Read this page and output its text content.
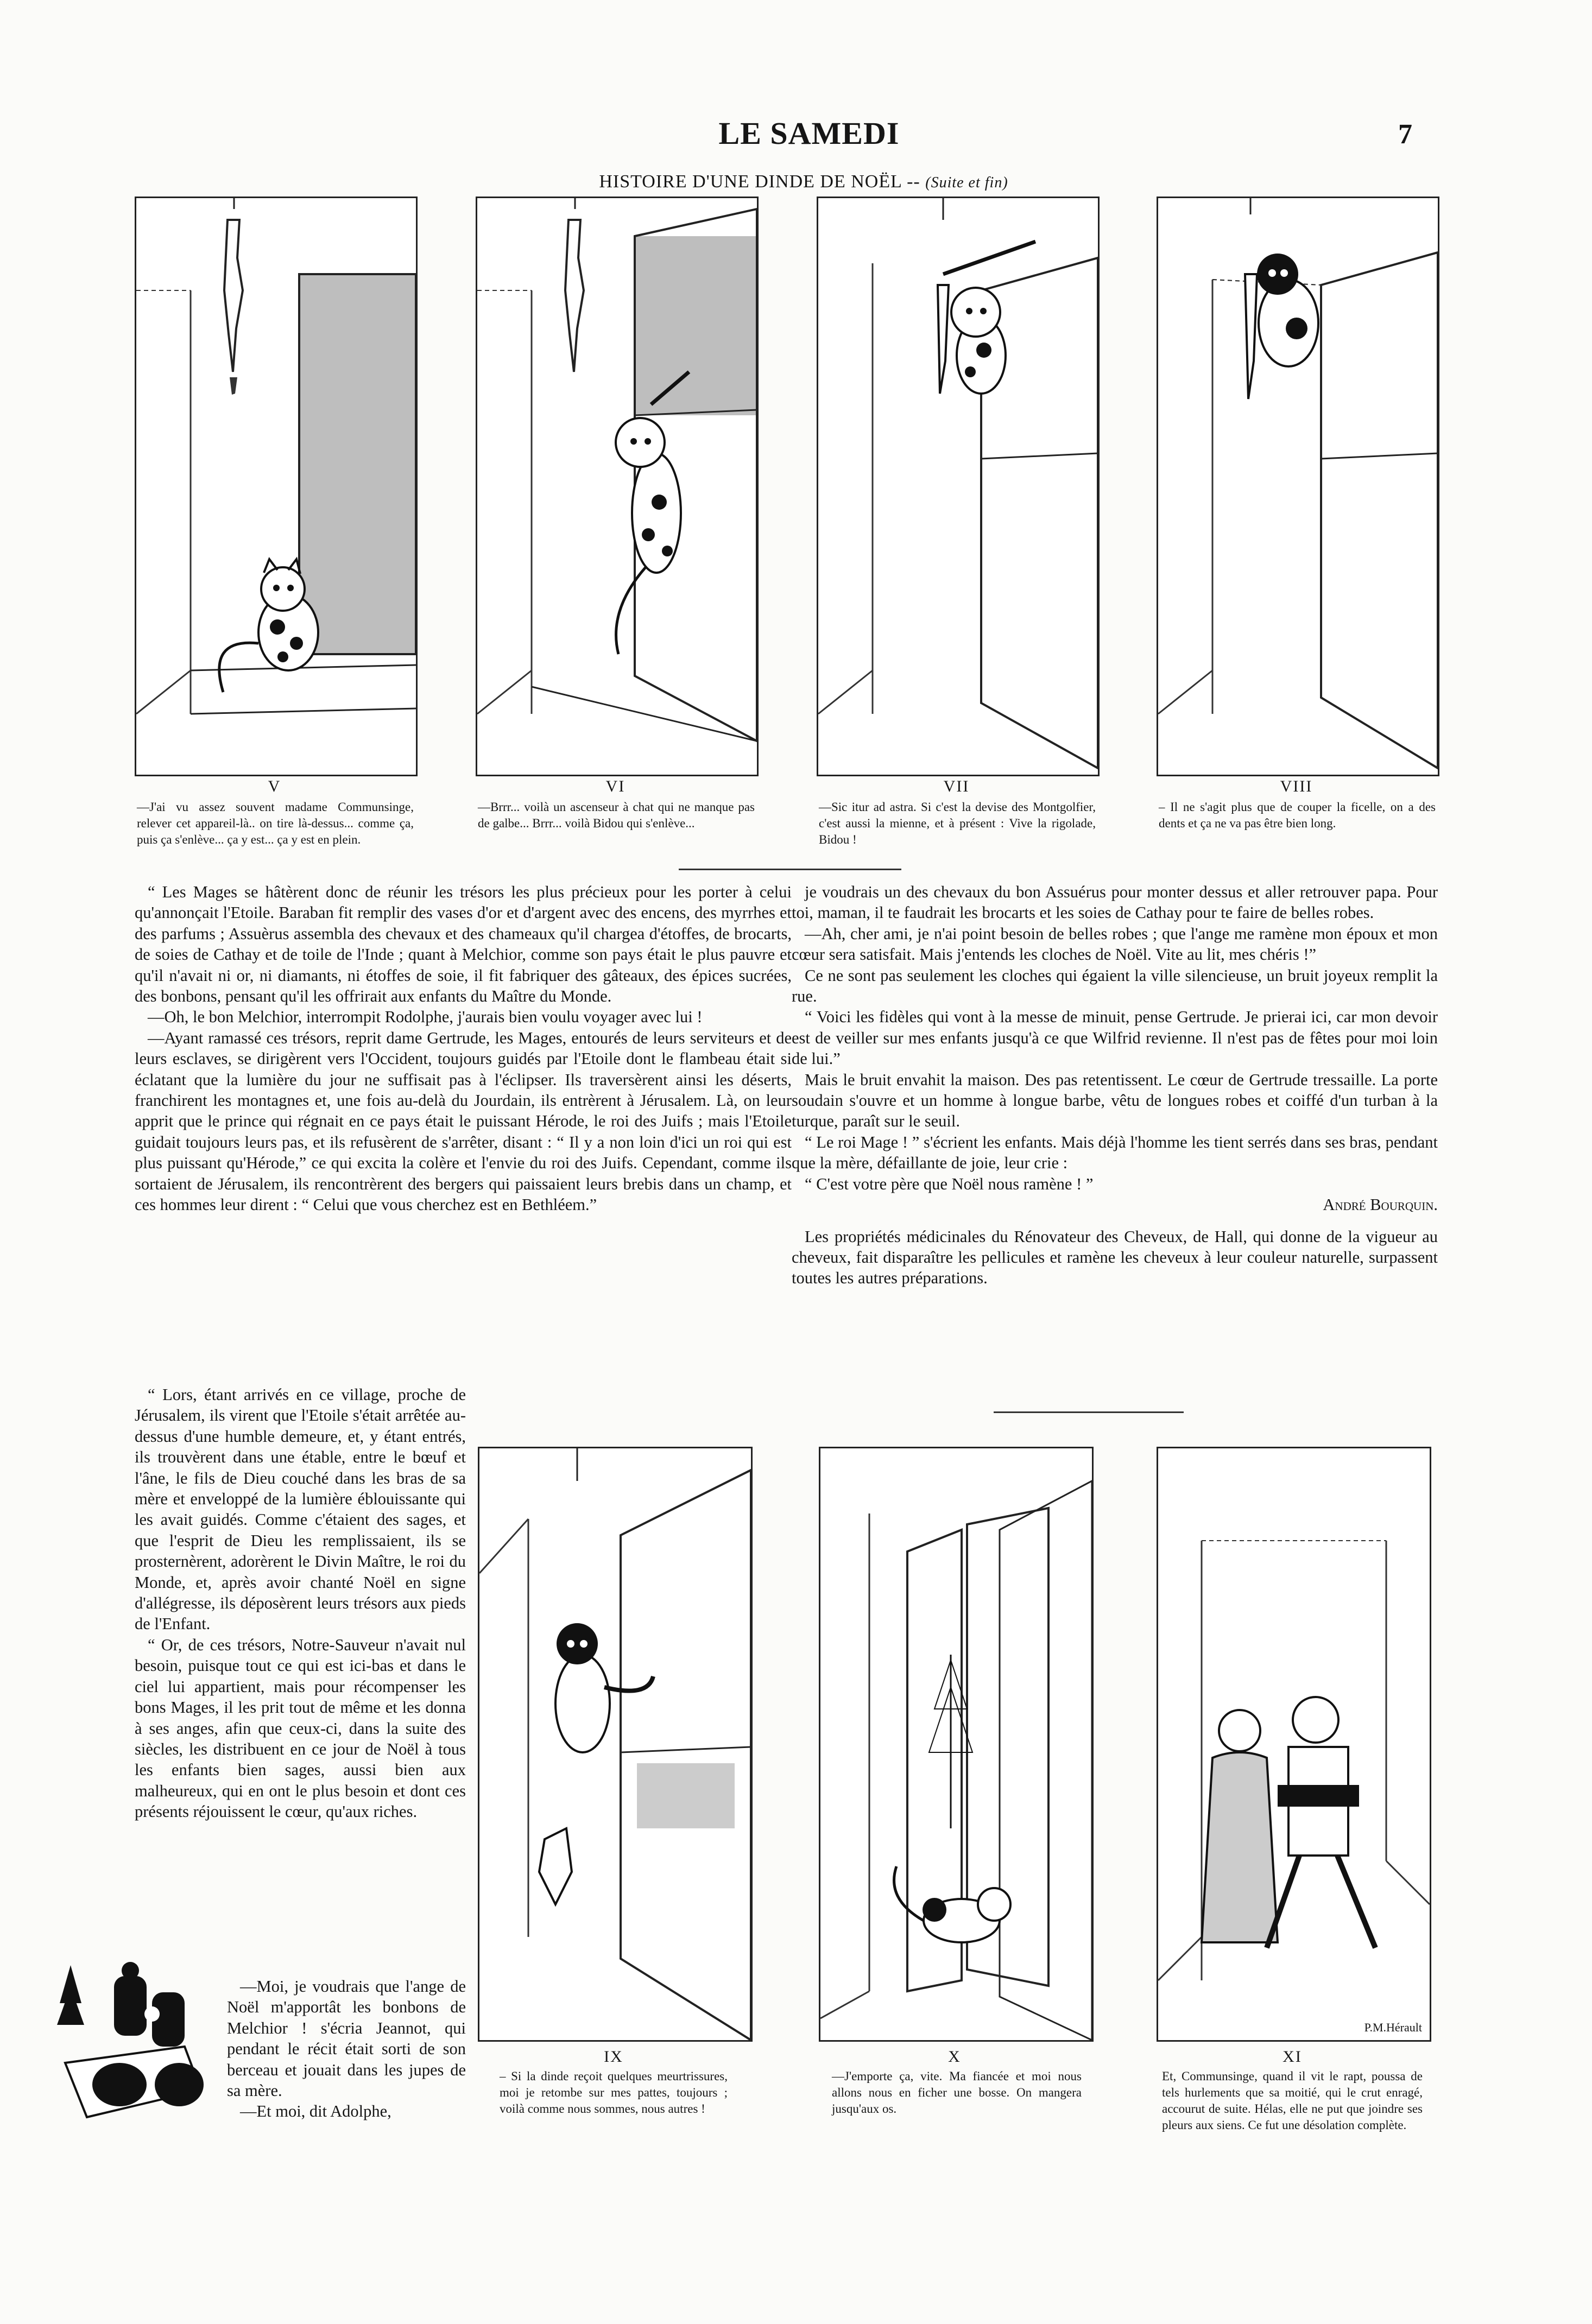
LE SAMEDI	7
HISTOIRE D'UNE DINDE DE NOËL -- (Suite et fin)
V
—J'ai vu assez souvent madame Communsinge, relever cet appareil-là.. on tire là-dessus... comme ça, puis ça s'enlève... ça y est... ça y est en plein.
VI
—Brrr... voilà un ascenseur à chat qui ne manque pas de galbe... Brrr... voilà Bidou qui s'enlève...
VII
—Sic itur ad astra. Si c'est la devise des Montgolfier, c'est aussi la mienne, et à présent : Vive la rigolade, Bidou !
VIII
– Il ne s'agit plus que de couper la ficelle, on a des dents et ça ne va pas être bien long.

“ Les Mages se hâtèrent donc de réunir les trésors les plus précieux pour les porter à celui qu'annonçait l'Etoile. Baraban fit remplir des vases d'or et d'argent avec des encens, des myrrhes et des parfums ; Assuèrus assembla des chevaux et des chameaux qu'il chargea d'étoffes, de brocarts, de soies de Cathay et de toile de l'Inde ; quant à Melchior, comme son pays était le plus pauvre et qu'il n'avait ni or, ni diamants, ni étoffes de soie, il fit fabriquer des gâteaux, des épices sucrées, des bonbons, pensant qu'il les offrirait aux enfants du Maître du Monde.

—Oh, le bon Melchior, interrompit Rodolphe, j'aurais bien voulu voyager avec lui !

—Ayant ramassé ces trésors, reprit dame Gertrude, les Mages, entourés de leurs serviteurs et de leurs esclaves, se dirigèrent vers l'Occident, toujours guidés par l'Etoile dont le flambeau était si éclatant que la lumière du jour ne suffisait pas à l'éclipser. Ils traversèrent ainsi les déserts, franchirent les montagnes et, une fois au-delà du Jourdain, ils entrèrent à Jérusalem. Là, on leur apprit que le prince qui régnait en ce pays était le puissant Hérode, le roi des Juifs ; mais l'Etoile guidait toujours leurs pas, et ils refusèrent de s'arrêter, disant : “ Il y a non loin d'ici un roi qui est plus puissant qu'Hérode,” ce qui excita la colère et l'envie du roi des Juifs. Cependant, comme ils sortaient de Jérusalem, ils rencontrèrent des bergers qui paissaient leurs brebis dans un champ, et ces hommes leur dirent : “ Celui que vous cherchez est en Bethléem.”

“ Lors, étant arrivés en ce village, proche de Jérusalem, ils virent que l'Etoile s'était arrêtée au-dessus d'une humble demeure, et, y étant entrés, ils trouvèrent dans une étable, entre le bœuf et l'âne, le fils de Dieu couché dans les bras de sa mère et enveloppé de la lumière éblouissante qui les avait guidés. Comme c'étaient des sages, et que l'esprit de Dieu les remplissaient, ils se prosternèrent, adorèrent le Divin Maître, le roi du Monde, et, après avoir chanté Noël en signe d'allégresse, ils déposèrent leurs trésors aux pieds de l'Enfant.

“ Or, de ces trésors, Notre-Sauveur n'avait nul besoin, puisque tout ce qui est ici-bas et dans le ciel lui appartient, mais pour récompenser les bons Mages, il les prit tout de même et les donna à ses anges, afin que ceux-ci, dans la suite des siècles, les distribuent en ce jour de Noël à tous les enfants bien sages, aussi bien aux malheureux, qui en ont le plus besoin et dont ces présents réjouissent le cœur, qu'aux riches.

—Moi, je voudrais que l'ange de Noël m'apportât les bonbons de Melchior ! s'écria Jeannot, qui pendant le récit était sorti de son berceau et jouait dans les jupes de sa mère.

—Et moi, dit Adolphe,

je voudrais un des chevaux du bon Assuérus pour monter dessus et aller retrouver papa. Pour toi, maman, il te faudrait les brocarts et les soies de Cathay pour te faire de belles robes.

—Ah, cher ami, je n'ai point besoin de belles robes ; que l'ange me ramène mon époux et mon cœur sera satisfait. Mais j'entends les cloches de Noël. Vite au lit, mes chéris !”

Ce ne sont pas seulement les cloches qui égaient la ville silencieuse, un bruit joyeux remplit la rue.

“ Voici les fidèles qui vont à la messe de minuit, pense Gertrude. Je prierai ici, car mon devoir est de veiller sur mes enfants jusqu'à ce que Wilfrid revienne. Il n'est pas de fêtes pour moi loin de lui.”

Mais le bruit envahit la maison. Des pas retentissent. Le cœur de Gertrude tressaille. La porte soudain s'ouvre et un homme à longue barbe, vêtu de longues robes et coiffé d'un turban à la turque, paraît sur le seuil.

“ Le roi Mage ! ” s'écrient les enfants. Mais déjà l'homme les tient serrés dans ses bras, pendant que la mère, défaillante de joie, leur crie :

“ C'est votre père que Noël nous ramène ! ”

André Bourquin.

Les propriétés médicinales du Rénovateur des Cheveux, de Hall, qui donne de la vigueur au cheveux, fait disparaître les pellicules et ramène les cheveux à leur couleur naturelle, surpassent toutes les autres préparations.

IX
– Si la dinde reçoit quelques meurtrissures, moi je retombe sur mes pattes, toujours ; voilà comme nous sommes, nous autres !
X
—J'emporte ça, vite. Ma fiancée et moi nous allons nous en ficher une bosse. On mangera jusqu'aux os.
P.M.Hérault
XI
Et, Communsinge, quand il vit le rapt, poussa de tels hurlements que sa moitié, qui le crut enragé, accourut de suite. Hélas, elle ne put que joindre ses pleurs aux siens. Ce fut une désolation complète.
